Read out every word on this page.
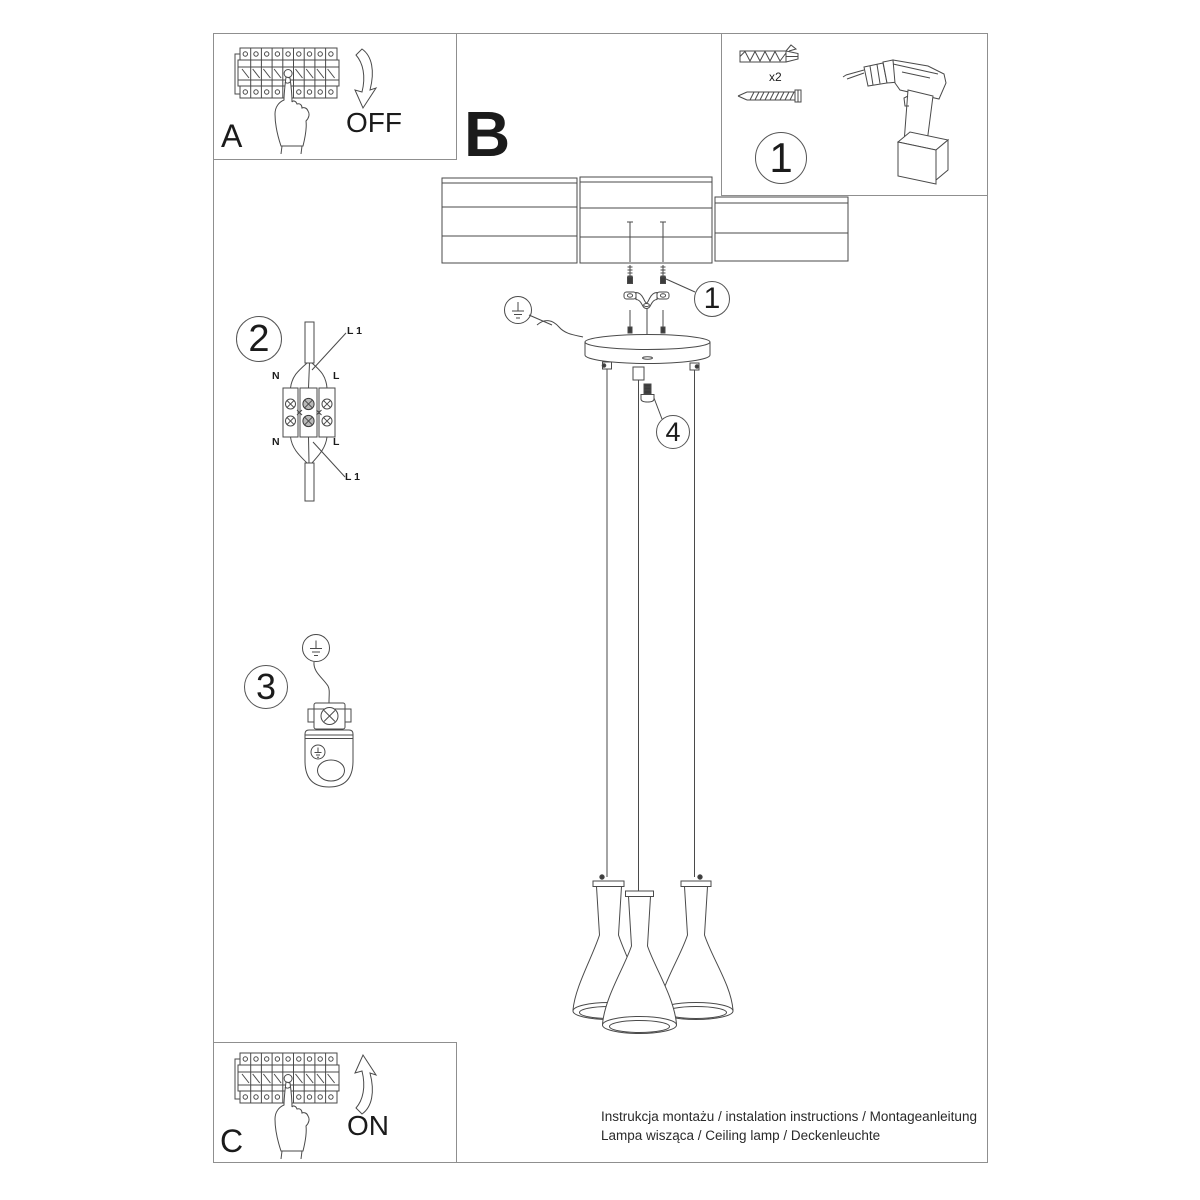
1
4
A	OFF B
x2
1
2	L 1
N	L
N	L
L 1
3
C	ON	Instrukcja montażu / instalation instructions / Montageanleitung
Lampa wisząca / Ceiling lamp / Deckenleuchte
